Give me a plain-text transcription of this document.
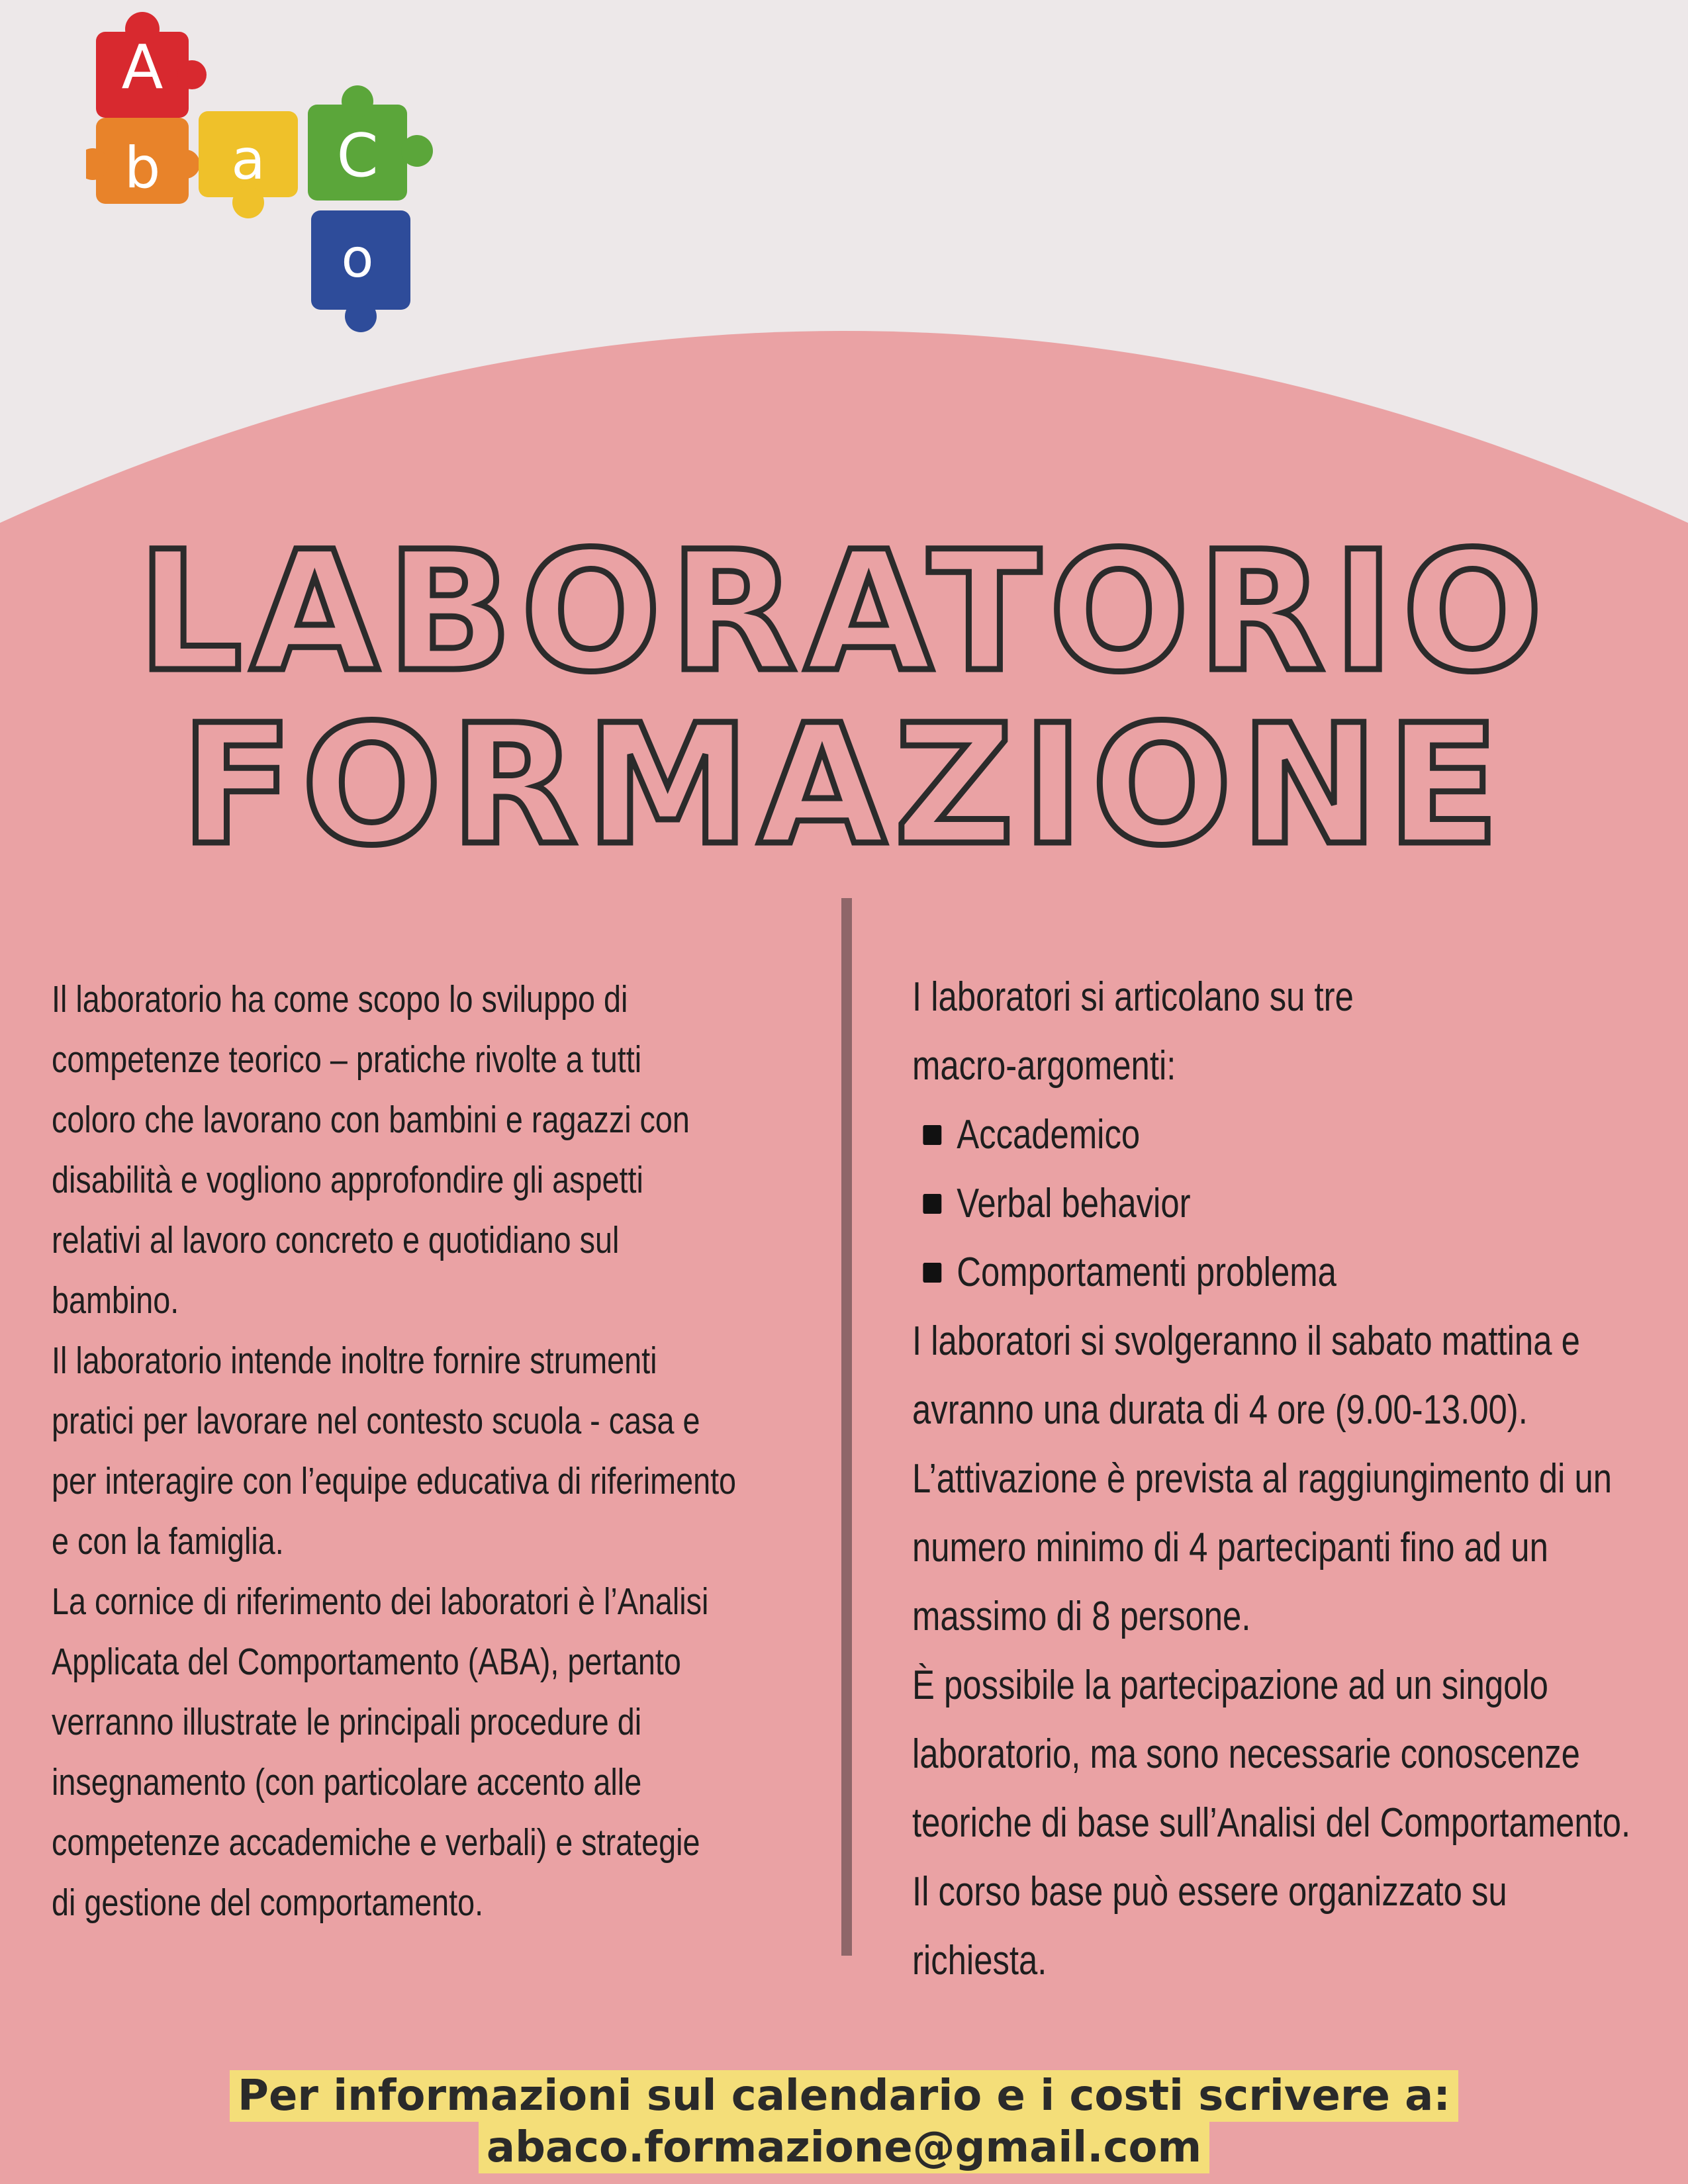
A
b a C
o
LABORATORIO
FORMAZIONE

Il laboratorio ha come scopo lo sviluppo di

competenze teorico – pratiche rivolte a tutti

coloro che lavorano con bambini e ragazzi con

disabilità e vogliono approfondire gli aspetti

relativi al lavoro concreto e quotidiano sul

bambino.

Il laboratorio intende inoltre fornire strumenti

pratici per lavorare nel contesto scuola - casa e

per interagire con l’equipe educativa di riferimento

e con la famiglia.

La cornice di riferimento dei laboratori è l’Analisi

Applicata del Comportamento (ABA), pertanto

verranno illustrate le principali procedure di

insegnamento (con particolare accento alle

competenze accademiche e verbali) e strategie

di gestione del comportamento.

I laboratori si articolano su tre

macro-argomenti:

Accademico

Verbal behavior

Comportamenti problema

I laboratori si svolgeranno il sabato mattina e

avranno una durata di 4 ore (9.00-13.00).

L’attivazione è prevista al raggiungimento di un

numero minimo di 4 partecipanti fino ad un

massimo di 8 persone.

È possibile la partecipazione ad un singolo

laboratorio, ma sono necessarie conoscenze

teoriche di base sull’Analisi del Comportamento.

Il corso base può essere organizzato su

richiesta.

Per informazioni sul calendario e i costi scrivere a:
abaco.formazione@gmail.com
